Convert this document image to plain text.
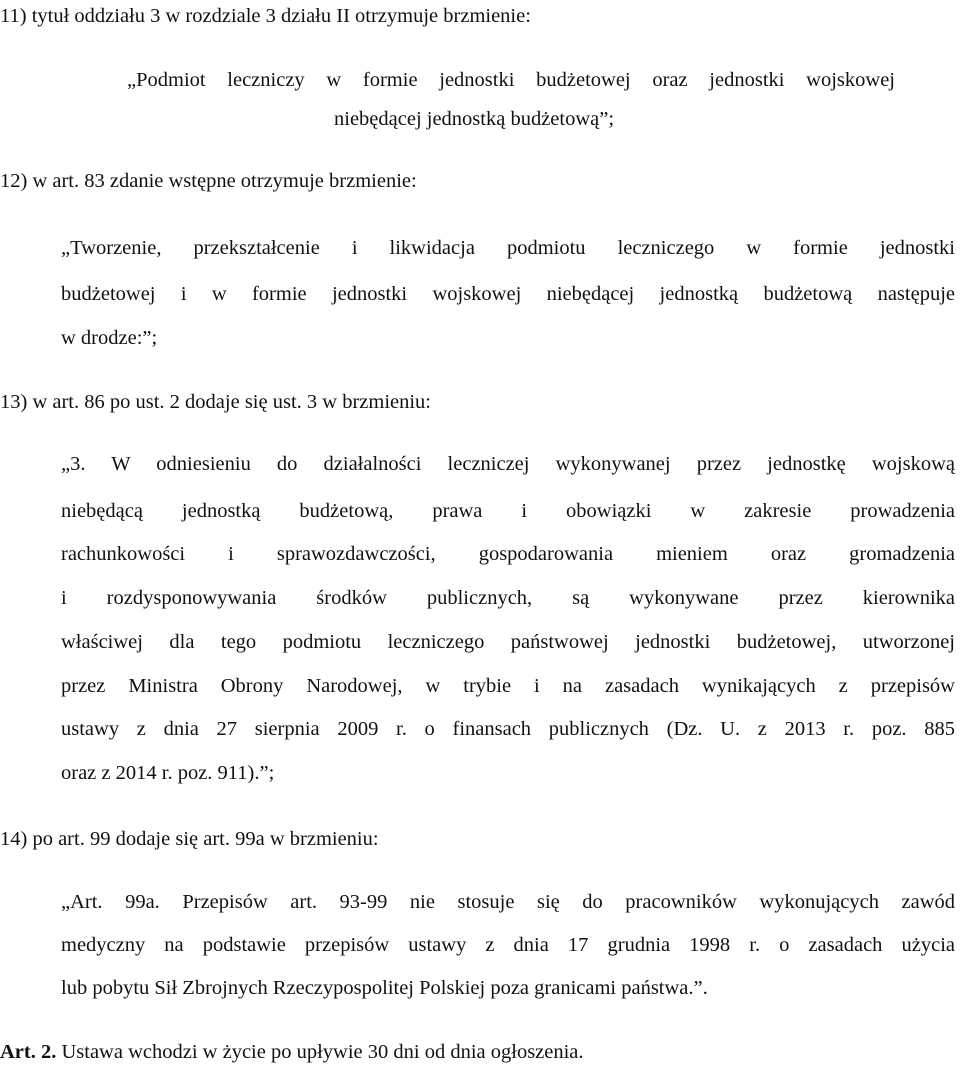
11) tytuł oddziału 3 w rozdziale 3 działu II otrzymuje brzmienie:
„Podmiot leczniczy w formie jednostki budżetowej oraz jednostki wojskowej
niebędącej jednostką budżetową”;
12) w art. 83 zdanie wstępne otrzymuje brzmienie:
„Tworzenie, przekształcenie i likwidacja podmiotu leczniczego w formie jednostki
budżetowej i w formie jednostki wojskowej niebędącej jednostką budżetową następuje
w drodze:”;
13) w art. 86 po ust. 2 dodaje się ust. 3 w brzmieniu:
„3. W odniesieniu do działalności leczniczej wykonywanej przez jednostkę wojskową
niebędącą jednostką budżetową, prawa i obowiązki w zakresie prowadzenia
rachunkowości i sprawozdawczości, gospodarowania mieniem oraz gromadzenia
i rozdysponowywania środków publicznych, są wykonywane przez kierownika
właściwej dla tego podmiotu leczniczego państwowej jednostki budżetowej, utworzonej
przez Ministra Obrony Narodowej, w trybie i na zasadach wynikających z przepisów
ustawy z dnia 27 sierpnia 2009 r. o finansach publicznych (Dz. U. z 2013 r. poz. 885
oraz z 2014 r. poz. 911).”;
14) po art. 99 dodaje się art. 99a w brzmieniu:
„Art. 99a. Przepisów art. 93-99 nie stosuje się do pracowników wykonujących zawód
medyczny na podstawie przepisów ustawy z dnia 17 grudnia 1998 r. o zasadach użycia
lub pobytu Sił Zbrojnych Rzeczypospolitej Polskiej poza granicami państwa.”.
Art. 2. Ustawa wchodzi w życie po upływie 30 dni od dnia ogłoszenia.
